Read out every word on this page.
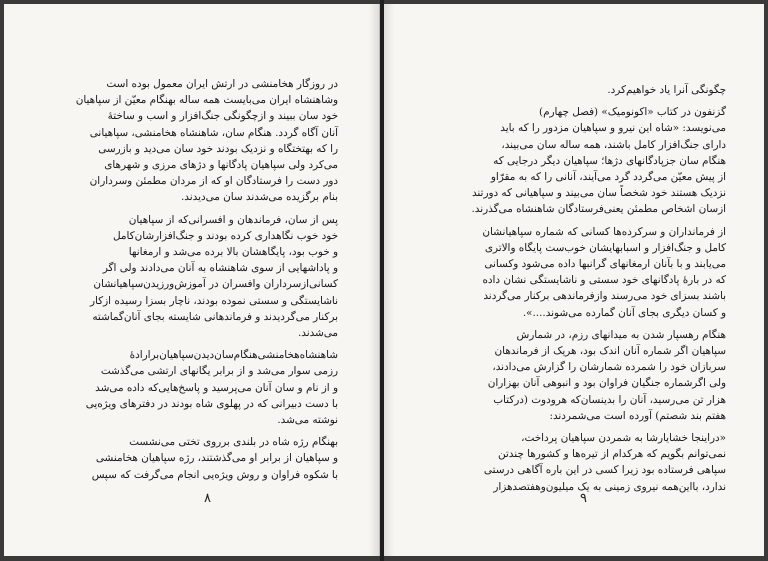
در روزگار هخامنشی در ارتش ایران معمول بوده است
وشاهنشاه ایران می‌بایست همه ساله بهنگام معیّن از سپاهیان
خود سان ببیند و ازچگونگی جنگ‌افزار و اسب و ساختهٔ
آنان آگاه گردد. هنگام سان، شاهنشاه هخامنشی، سپاهیانی
را که بهتختگاه و نزدیک بودند خود سان می‌دید و بازرسی
می‌کرد ولی سپاهیان پادگانها و دژهای مرزی و شهرهای
دور دست را فرستادگان او که از مردان مطمئن وسرداران
بنام برگزیده می‌شدند سان می‌دیدند.

پس از سان، فرماندهان و افسرانی‌که از سپاهیان
خود خوب نگاهداری کرده بودند و جنگ‌افزارشان‌کامل
و خوب بود، پایگاهشان بالا برده می‌شد و ارمغانها
و پاداشهایی از سوی شاهنشاه به آنان می‌دادند ولی اگر
کسانی‌ازسرداران وافسران در آموزش‌ورزیدن‌سپاهیانشان
ناشایستگی و سستی نموده بودند، ناچار بسزا رسیده ازکار
برکنار می‌گردیدند و فرماندهانی شایسته بجای آنان‌گماشته
می‌شدند.

شاهنشاه‌هخامنشی‌هنگام‌سان‌دیدن‌سپاهیان‌برارادهٔ
رزمی سوار می‌شد و از برابر یگانهای ارتشی می‌گذشت
و از نام و سان آنان می‌پرسید و پاسخ‌هایی‌که داده می‌شد
با دست دبیرانی که در پهلوی شاه بودند در دفترهای ویژه‌یی
نوشته می‌شد.

بهنگام رژه شاه در بلندی برروی تختی می‌نشست
و سپاهیان از برابر او می‌گذشتند، رژه سپاهیان هخامنشی
با شکوه فراوان و روش ویژه‌یی انجام می‌گرفت که سپس

۸

چگونگی آنرا یاد خواهیم‌کرد.

گزنفون در کتاب «اکونومیک» (فصل چهارم)
می‌نویسد: «شاه این نیرو و سپاهیان مزدور را که باید
دارای جنگ‌افزار کامل باشند، همه ساله سان می‌بیند،
هنگام سان جزپادگانهای دژها؛ سپاهیان دیگر درجایی که
از پیش معیّن می‌گردد گرد می‌آیند، آنانی را که به مقرّ‌او
نزدیک هستند خود شخصاً سان می‌بیند و سپاهیانی که دورتند
ازسان اشخاص مطمئن یعنی‌فرستادگان شاهنشاه می‌گذرند.

از فرمانداران و سرکرده‌ها کسانی که شماره سپاهیانشان
کامل و جنگ‌افزار و اسبابهایشان خوب‌ست پایگاه والاتری
می‌یابند و با بآنان ارمغانهای گرانبها داده می‌شود وکسانی
که در بارهٔ پادگانهای خود سستی و ناشایستگی نشان داده
باشند بسزای خود می‌رسند وازفرماندهی برکنار می‌گردند
و کسان دیگری بجای آنان گمارده می‌شوند....».

هنگام رهسپار شدن به میدانهای رزم، در شمارش
سپاهیان اگر شماره آنان اندک بود، هریک از فرماندهان
سربازان خود را شمرده شمارشان را گزارش می‌دادند،
ولی اگرشماره جنگیان فراوان بود و انبوهی آنان بهزاران
هزار تن می‌رسید، آنان را بدینسان‌که هرودوت (درکتاب
هفتم بند شصتم) آورده است می‌شمردند:

«دراینجا خشایارشا به شمردن سپاهیان پرداخت،
نمی‌توانم بگویم که هرکدام از تیره‌ها و کشورها چندتن
سپاهی فرستاده بود زیرا کسی در این باره آگاهی درستی
ندارد، بااین‌همه نیروی زمینی به یک میلیون‌وهفتصدهزار

۹
